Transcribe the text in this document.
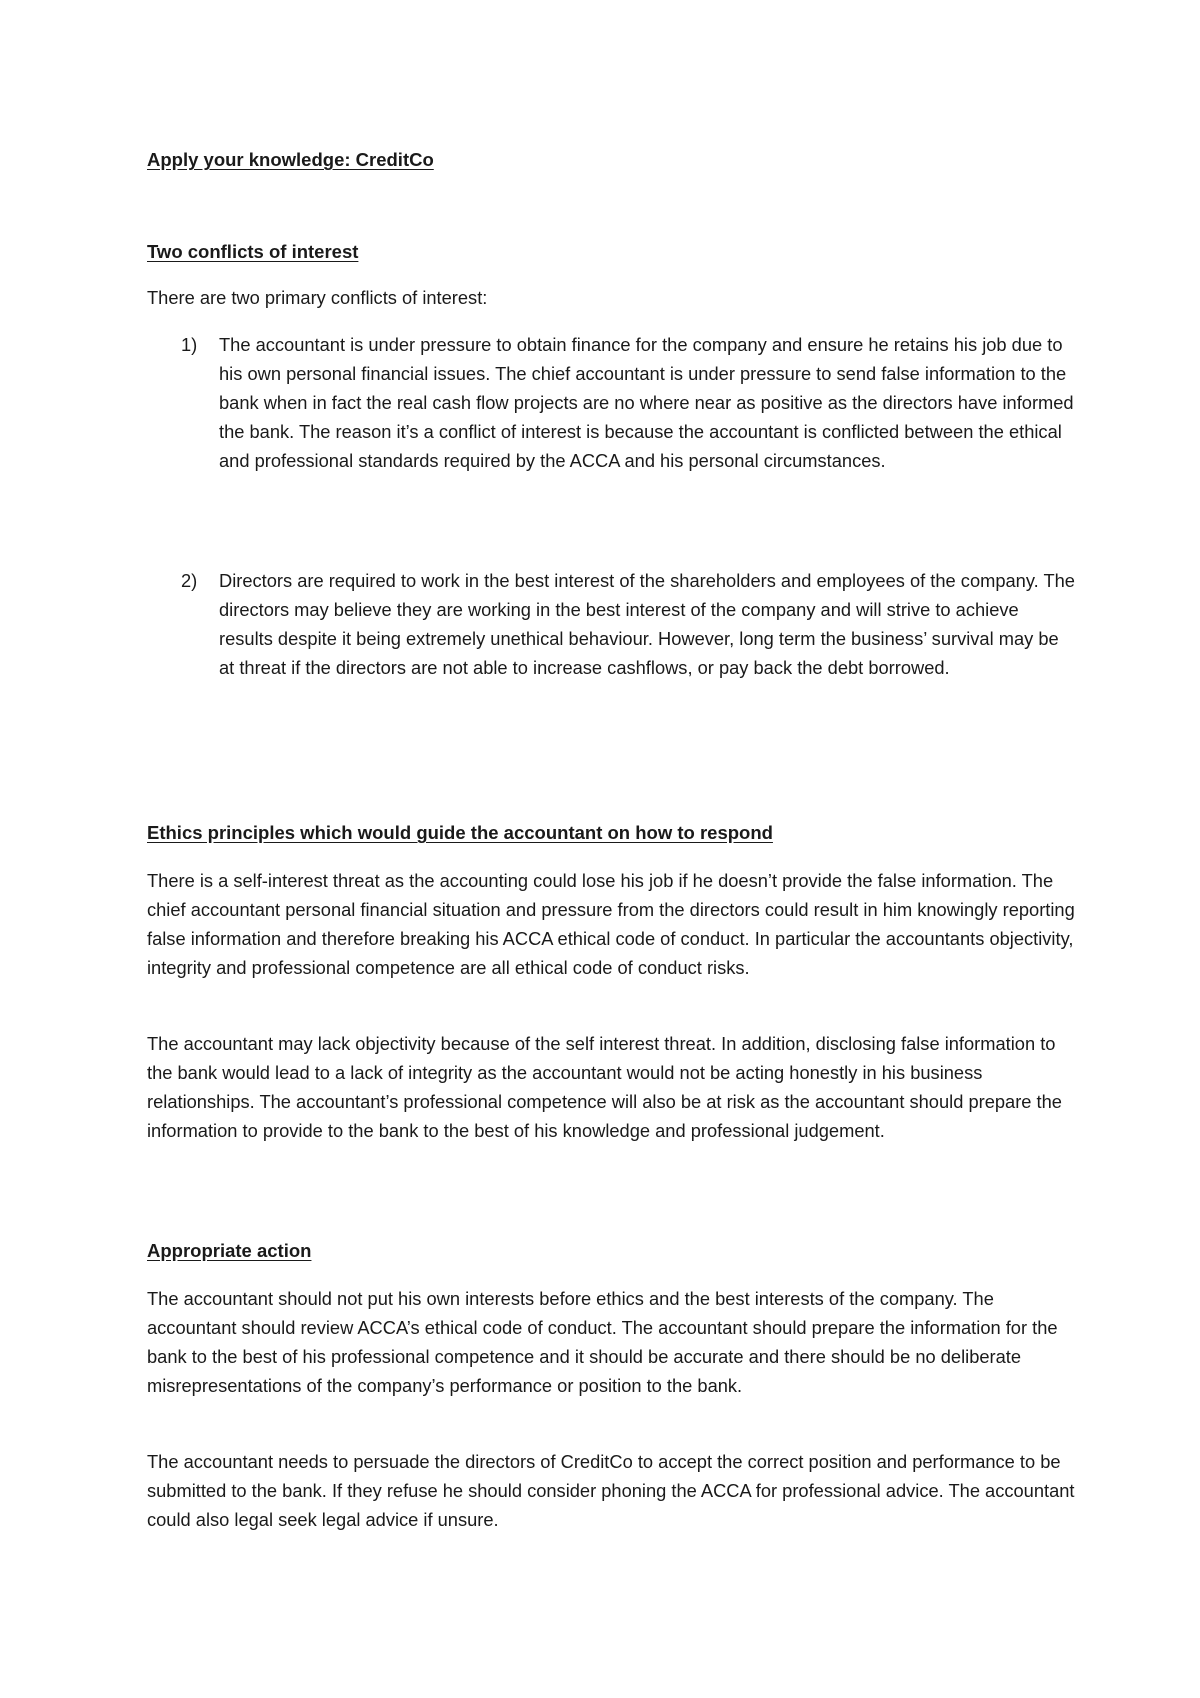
Apply your knowledge: CreditCo
Two conflicts of interest

There are two primary conflicts of interest:

1)	The accountant is under pressure to obtain finance for the company and ensure he retains his job due to his own personal financial issues. The chief accountant is under pressure to send false information to the bank when in fact the real cash flow projects are no where near as positive as the directors have informed the bank. The reason it’s a conflict of interest is because the accountant is conflicted between the ethical and professional standards required by the ACCA and his personal circumstances.
2)	Directors are required to work in the best interest of the shareholders and employees of the company. The directors may believe they are working in the best interest of the company and will strive to achieve results despite it being extremely unethical behaviour. However, long term the business’ survival may be at threat if the directors are not able to increase cashflows, or pay back the debt borrowed.
Ethics principles which would guide the accountant on how to respond

There is a self-interest threat as the accounting could lose his job if he doesn’t provide the false information. The chief accountant personal financial situation and pressure from the directors could result in him knowingly reporting false information and therefore breaking his ACCA ethical code of conduct. In particular the accountants objectivity, integrity and professional competence are all ethical code of conduct risks.

The accountant may lack objectivity because of the self interest threat. In addition, disclosing false information to the bank would lead to a lack of integrity as the accountant would not be acting honestly in his business relationships. The accountant’s professional competence will also be at risk as the accountant should prepare the information to provide to the bank to the best of his knowledge and professional judgement.

Appropriate action

The accountant should not put his own interests before ethics and the best interests of the company. The accountant should review ACCA’s ethical code of conduct. The accountant should prepare the information for the bank to the best of his professional competence and it should be accurate and there should be no deliberate misrepresentations of the company’s performance or position to the bank.

The accountant needs to persuade the directors of CreditCo to accept the correct position and performance to be submitted to the bank. If they refuse he should consider phoning the ACCA for professional advice. The accountant could also legal seek legal advice if unsure.
